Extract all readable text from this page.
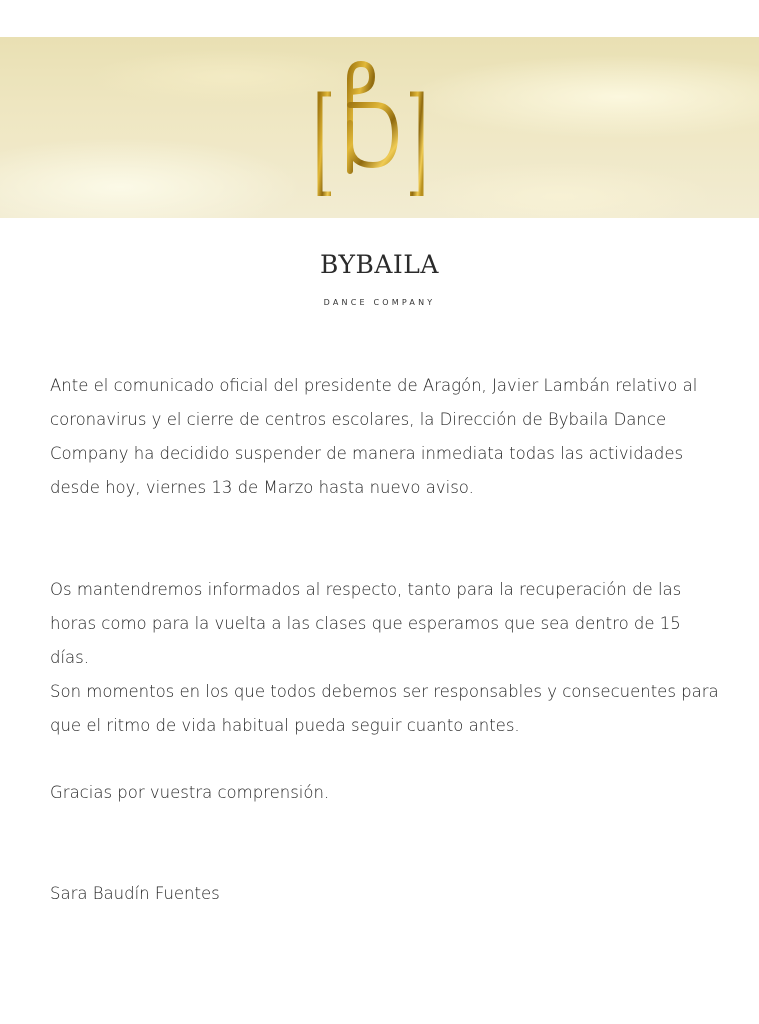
BYBAILA
DANCE COMPANY

Ante el comunicado oficial del presidente de Aragón, Javier Lambán relativo al coronavirus y el cierre de centros escolares, la Dirección de Bybaila Dance Company ha decidido suspender de manera inmediata todas las actividades desde hoy, viernes 13 de Marzo hasta nuevo aviso.

Os mantendremos informados al respecto, tanto para la recuperación de las horas como para la vuelta a las clases que esperamos que sea dentro de 15 días.

Son momentos en los que todos debemos ser responsables y consecuentes para que el ritmo de vida habitual pueda seguir cuanto antes.

Gracias por vuestra comprensión.

Sara Baudín Fuentes
